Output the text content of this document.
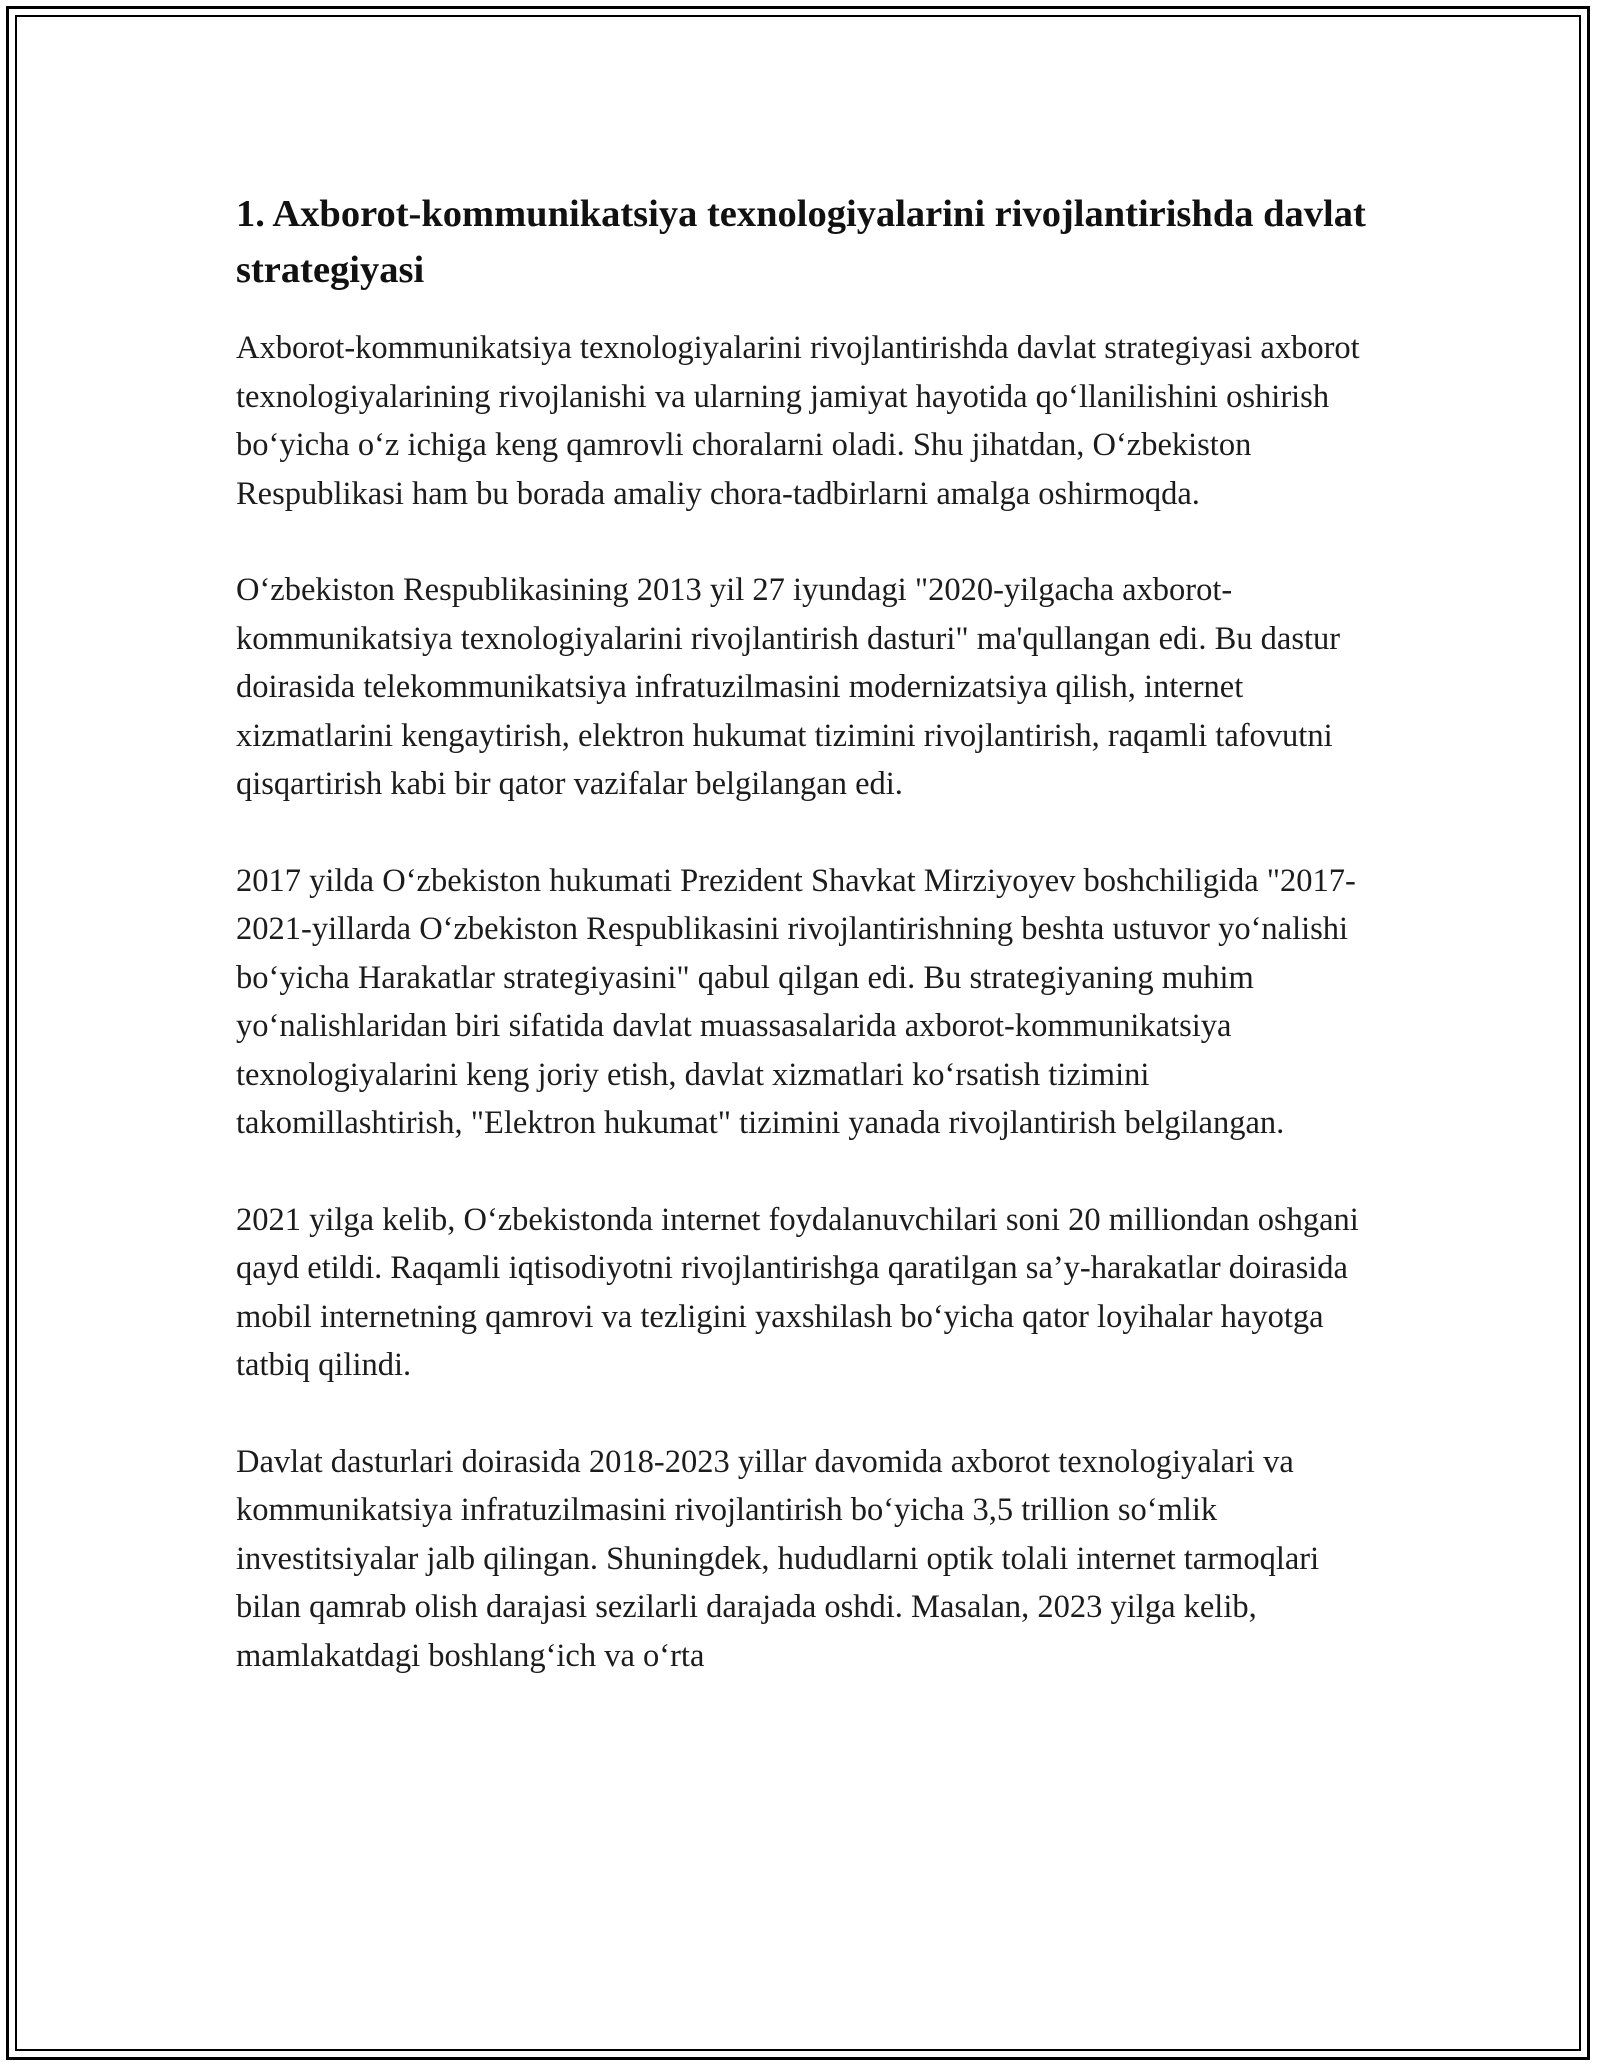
1. Axborot-kommunikatsiya texnologiyalarini rivojlantirishda davlat strategiyasi

Axborot-kommunikatsiya texnologiyalarini rivojlantirishda davlat strategiyasi axborot texnologiyalarining rivojlanishi va ularning jamiyat hayotida qo‘llanilishini oshirish bo‘yicha o‘z ichiga keng qamrovli choralarni oladi. Shu jihatdan, O‘zbekiston Respublikasi ham bu borada amaliy chora-tadbirlarni amalga oshirmoqda.

O‘zbekiston Respublikasining 2013 yil 27 iyundagi "2020-yilgacha axborot-kommunikatsiya texnologiyalarini rivojlantirish dasturi" ma'qullangan edi. Bu dastur doirasida telekommunikatsiya infratuzilmasini modernizatsiya qilish, internet xizmatlarini kengaytirish, elektron hukumat tizimini rivojlantirish, raqamli tafovutni qisqartirish kabi bir qator vazifalar belgilangan edi.

2017 yilda O‘zbekiston hukumati Prezident Shavkat Mirziyoyev boshchiligida "2017-2021-yillarda O‘zbekiston Respublikasini rivojlantirishning beshta ustuvor yo‘nalishi bo‘yicha Harakatlar strategiyasini" qabul qilgan edi. Bu strategiyaning muhim yo‘nalishlaridan biri sifatida davlat muassasalarida axborot-kommunikatsiya texnologiyalarini keng joriy etish, davlat xizmatlari ko‘rsatish tizimini takomillashtirish, "Elektron hukumat" tizimini yanada rivojlantirish belgilangan.

2021 yilga kelib, O‘zbekistonda internet foydalanuvchilari soni 20 milliondan oshgani qayd etildi. Raqamli iqtisodiyotni rivojlantirishga qaratilgan sa’y-harakatlar doirasida mobil internetning qamrovi va tezligini yaxshilash bo‘yicha qator loyihalar hayotga tatbiq qilindi.

Davlat dasturlari doirasida 2018-2023 yillar davomida axborot texnologiyalari va kommunikatsiya infratuzilmasini rivojlantirish bo‘yicha 3,5 trillion so‘mlik investitsiyalar jalb qilingan. Shuningdek, hududlarni optik tolali internet tarmoqlari bilan qamrab olish darajasi sezilarli darajada oshdi. Masalan, 2023 yilga kelib, mamlakatdagi boshlang‘ich va o‘rta
